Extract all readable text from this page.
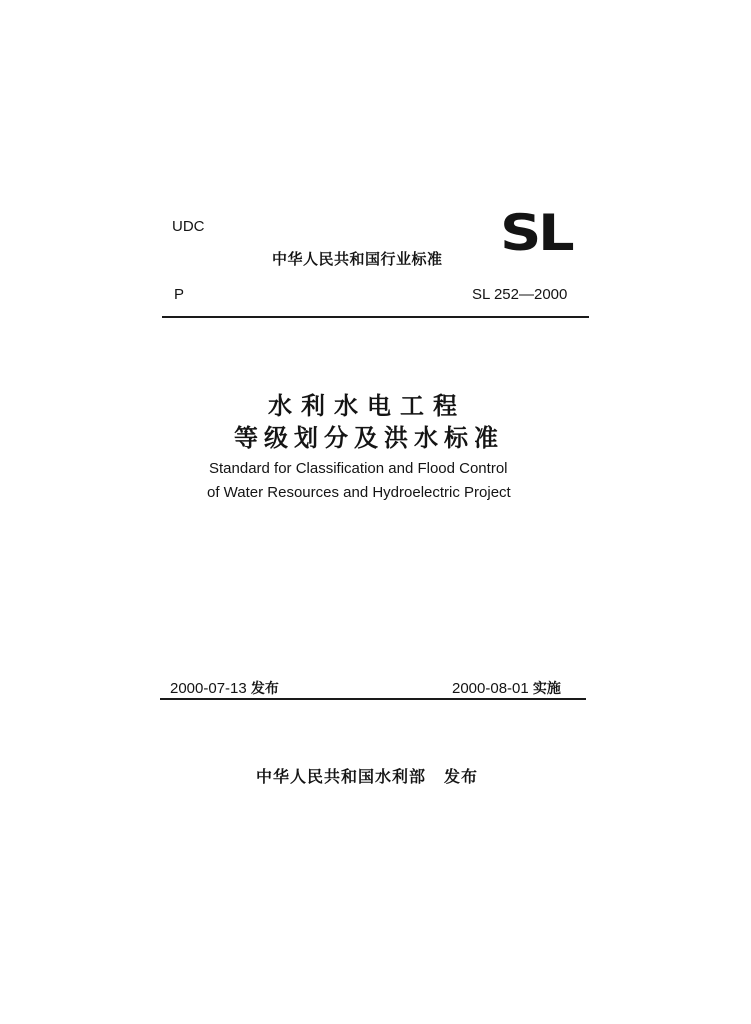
UDC
中华人民共和国行业标准 SL
P	SL 252—2000
水利水电工程
等级划分及洪水标准
Standard for Classification and Flood Control
of Water Resources and Hydroelectric Project
2000-07-13 发布	2000-08-01 实施
中华人民共和国水利部 发布
